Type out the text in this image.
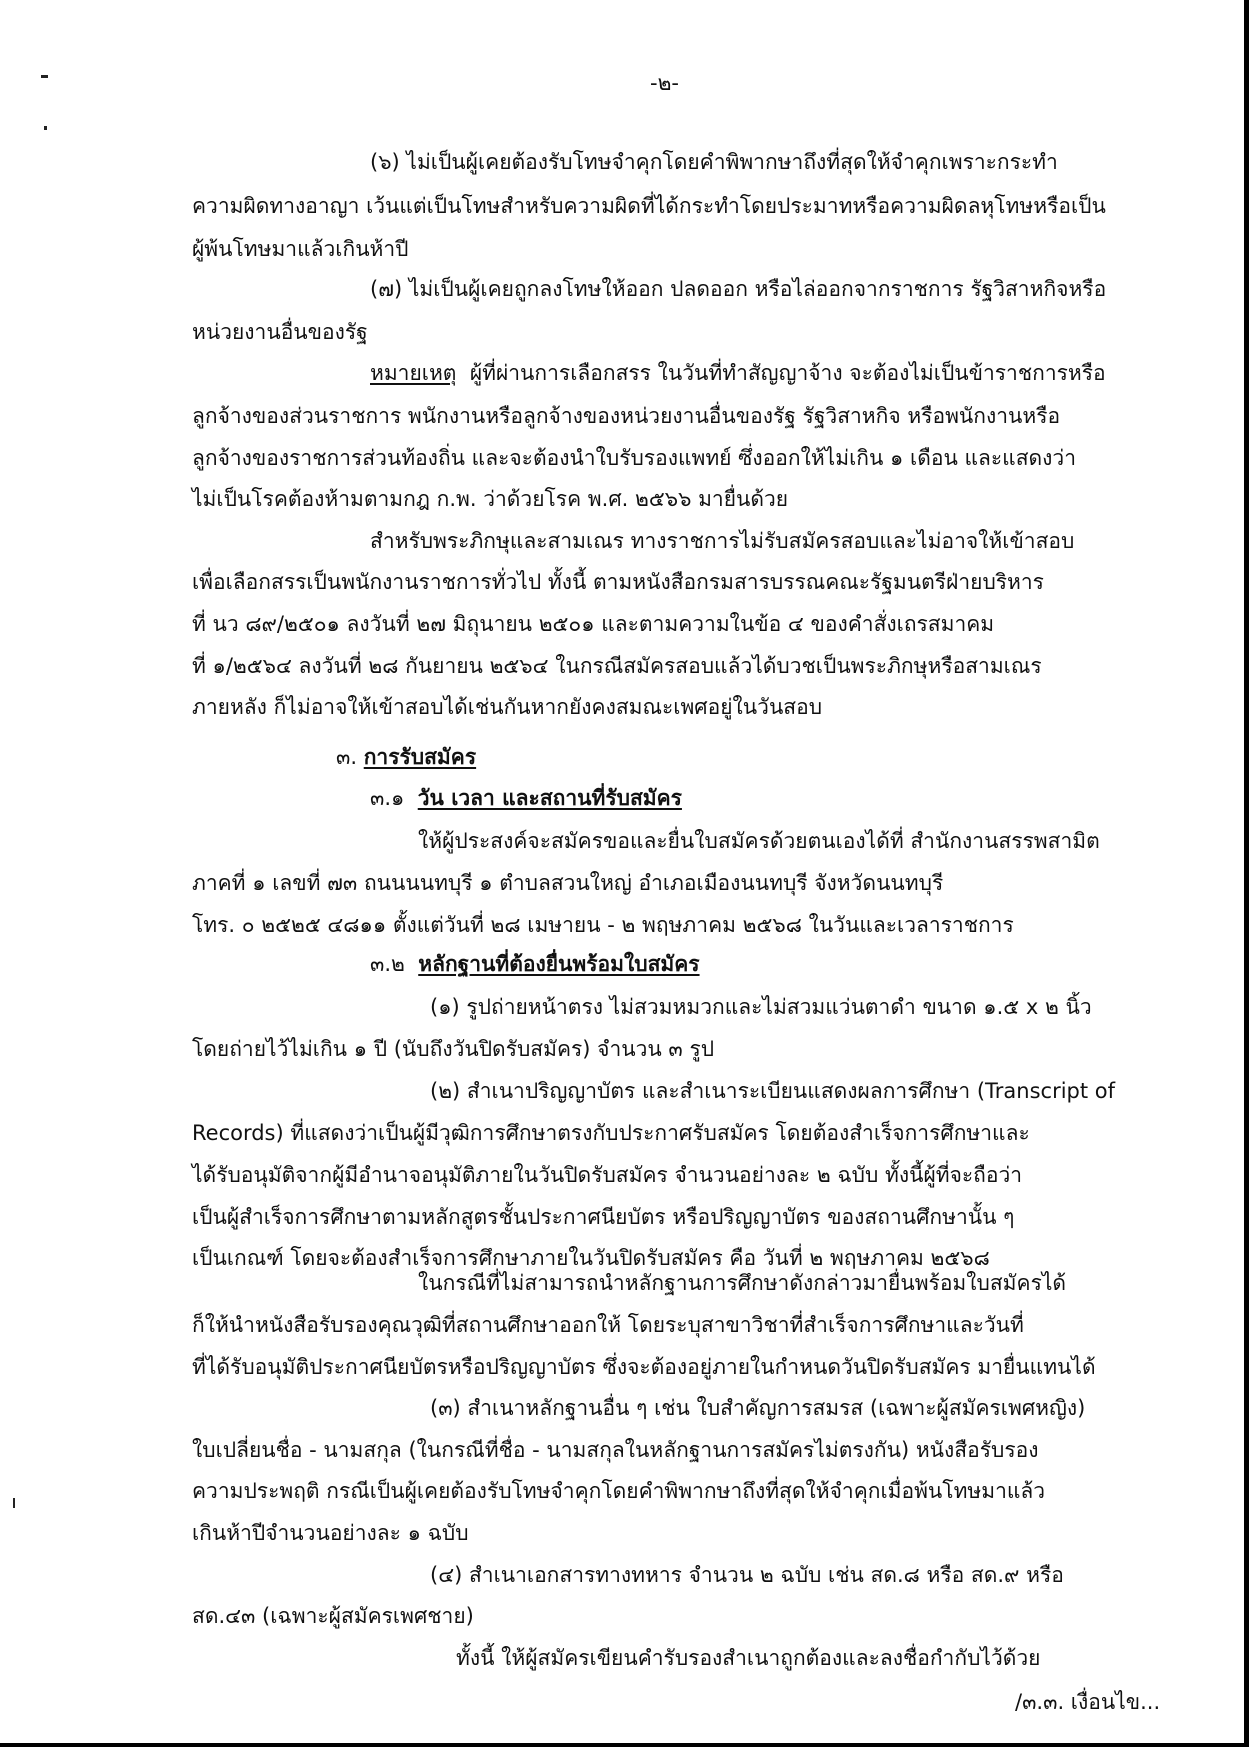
-๒-

(๖) ไม่เป็นผู้เคยต้องรับโทษจำคุกโดยคำพิพากษาถึงที่สุดให้จำคุกเพราะกระทำ

ความผิดทางอาญา เว้นแต่เป็นโทษสำหรับความผิดที่ได้กระทำโดยประมาทหรือความผิดลหุโทษหรือเป็น

ผู้พ้นโทษมาแล้วเกินห้าปี

(๗) ไม่เป็นผู้เคยถูกลงโทษให้ออก ปลดออก หรือไล่ออกจากราชการ รัฐวิสาหกิจหรือ

หน่วยงานอื่นของรัฐ

หมายเหตุ ผู้ที่ผ่านการเลือกสรร ในวันที่ทำสัญญาจ้าง จะต้องไม่เป็นข้าราชการหรือ

ลูกจ้างของส่วนราชการ พนักงานหรือลูกจ้างของหน่วยงานอื่นของรัฐ รัฐวิสาหกิจ หรือพนักงานหรือ

ลูกจ้างของราชการส่วนท้องถิ่น และจะต้องนำใบรับรองแพทย์ ซึ่งออกให้ไม่เกิน ๑ เดือน และแสดงว่า

ไม่เป็นโรคต้องห้ามตามกฎ ก.พ. ว่าด้วยโรค พ.ศ. ๒๕๖๖ มายื่นด้วย

สำหรับพระภิกษุและสามเณร ทางราชการไม่รับสมัครสอบและไม่อาจให้เข้าสอบ

เพื่อเลือกสรรเป็นพนักงานราชการทั่วไป ทั้งนี้ ตามหนังสือกรมสารบรรณคณะรัฐมนตรีฝ่ายบริหาร

ที่ นว ๘๙/๒๕๐๑ ลงวันที่ ๒๗ มิถุนายน ๒๕๐๑ และตามความในข้อ ๔ ของคำสั่งเถรสมาคม

ที่ ๑/๒๕๖๔ ลงวันที่ ๒๘ กันยายน ๒๕๖๔ ในกรณีสมัครสอบแล้วได้บวชเป็นพระภิกษุหรือสามเณร

ภายหลัง ก็ไม่อาจให้เข้าสอบได้เช่นกันหากยังคงสมณะเพศอยู่ในวันสอบ

๓. การรับสมัคร

๓.๑ วัน เวลา และสถานที่รับสมัคร

ให้ผู้ประสงค์จะสมัครขอและยื่นใบสมัครด้วยตนเองได้ที่ สำนักงานสรรพสามิต

ภาคที่ ๑ เลขที่ ๗๓ ถนนนนทบุรี ๑ ตำบลสวนใหญ่ อำเภอเมืองนนทบุรี จังหวัดนนทบุรี

โทร. ๐ ๒๕๒๕ ๔๘๑๑ ตั้งแต่วันที่ ๒๘ เมษายน - ๒ พฤษภาคม ๒๕๖๘ ในวันและเวลาราชการ

๓.๒ หลักฐานที่ต้องยื่นพร้อมใบสมัคร

(๑) รูปถ่ายหน้าตรง ไม่สวมหมวกและไม่สวมแว่นตาดำ ขนาด ๑.๕ x ๒ นิ้ว

โดยถ่ายไว้ไม่เกิน ๑ ปี (นับถึงวันปิดรับสมัคร) จำนวน ๓ รูป

(๒) สำเนาปริญญาบัตร และสำเนาระเบียนแสดงผลการศึกษา (Transcript of

Records) ที่แสดงว่าเป็นผู้มีวุฒิการศึกษาตรงกับประกาศรับสมัคร โดยต้องสำเร็จการศึกษาและ

ได้รับอนุมัติจากผู้มีอำนาจอนุมัติภายในวันปิดรับสมัคร จำนวนอย่างละ ๒ ฉบับ ทั้งนี้ผู้ที่จะถือว่า

เป็นผู้สำเร็จการศึกษาตามหลักสูตรชั้นประกาศนียบัตร หรือปริญญาบัตร ของสถานศึกษานั้น ๆ

เป็นเกณฑ์ โดยจะต้องสำเร็จการศึกษาภายในวันปิดรับสมัคร คือ วันที่ ๒ พฤษภาคม ๒๕๖๘

ในกรณีที่ไม่สามารถนำหลักฐานการศึกษาดังกล่าวมายื่นพร้อมใบสมัครได้

ก็ให้นำหนังสือรับรองคุณวุฒิที่สถานศึกษาออกให้ โดยระบุสาขาวิชาที่สำเร็จการศึกษาและวันที่

ที่ได้รับอนุมัติประกาศนียบัตรหรือปริญญาบัตร ซึ่งจะต้องอยู่ภายในกำหนดวันปิดรับสมัคร มายื่นแทนได้

(๓) สำเนาหลักฐานอื่น ๆ เช่น ใบสำคัญการสมรส (เฉพาะผู้สมัครเพศหญิง)

ใบเปลี่ยนชื่อ - นามสกุล (ในกรณีที่ชื่อ - นามสกุลในหลักฐานการสมัครไม่ตรงกัน) หนังสือรับรอง

ความประพฤติ กรณีเป็นผู้เคยต้องรับโทษจำคุกโดยคำพิพากษาถึงที่สุดให้จำคุกเมื่อพ้นโทษมาแล้ว

เกินห้าปีจำนวนอย่างละ ๑ ฉบับ

(๔) สำเนาเอกสารทางทหาร จำนวน ๒ ฉบับ เช่น สด.๘ หรือ สด.๙ หรือ

สด.๔๓ (เฉพาะผู้สมัครเพศชาย)

ทั้งนี้ ให้ผู้สมัครเขียนคำรับรองสำเนาถูกต้องและลงชื่อกำกับไว้ด้วย

/๓.๓. เงื่อนไข...
